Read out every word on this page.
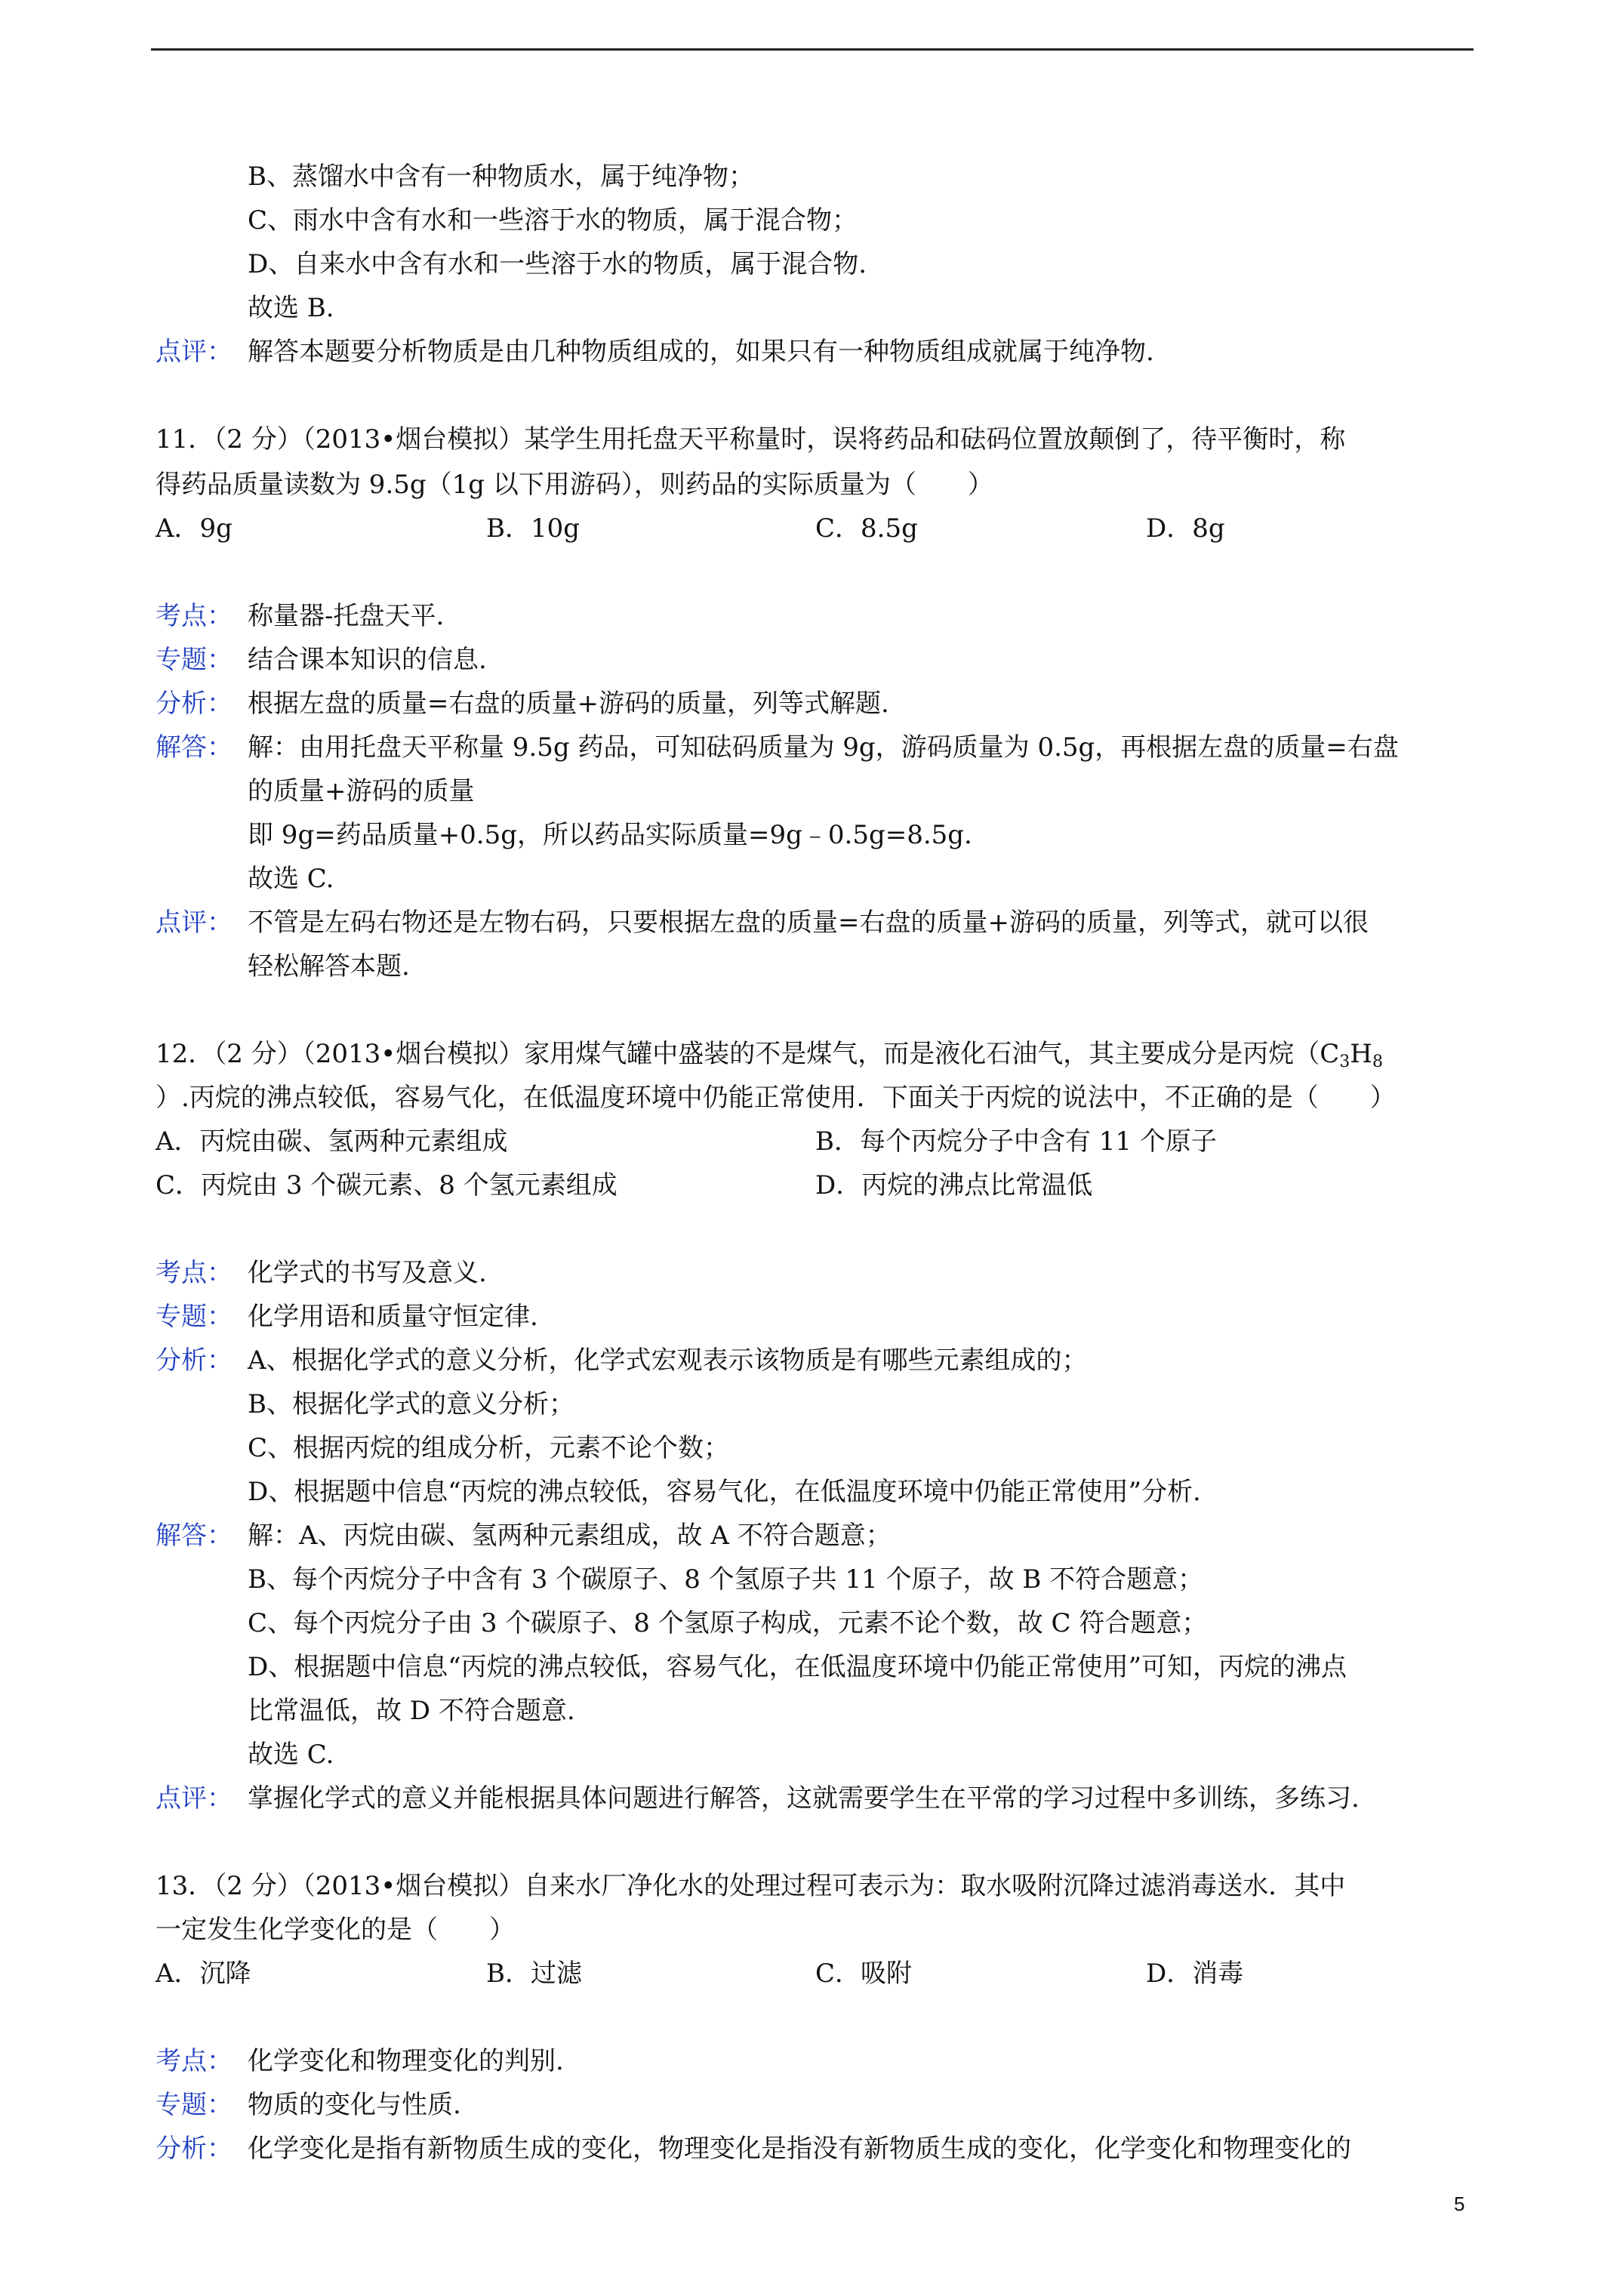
B、蒸馏水中含有一种物质水，属于纯净物；
C、雨水中含有水和一些溶于水的物质，属于混合物；
D、自来水中含有水和一些溶于水的物质，属于混合物.
故选 B.
点评： 解答本题要分析物质是由几种物质组成的，如果只有一种物质组成就属于纯净物.
11．（2 分）（2013•烟台模拟）某学生用托盘天平称量时，误将药品和砝码位置放颠倒了，待平衡时，称
得药品质量读数为 9.5g（1g 以下用游码），则药品的实际质量为（　　）
A．9g	B．10g	C．8.5g	D．8g
考点： 称量器-托盘天平.
专题： 结合课本知识的信息.
分析： 根据左盘的质量=右盘的质量+游码的质量，列等式解题.
解答： 解：由用托盘天平称量 9.5g 药品，可知砝码质量为 9g，游码质量为 0.5g，再根据左盘的质量=右盘
的质量+游码的质量
即 9g=药品质量+0.5g，所以药品实际质量=9g﹣0.5g=8.5g.
故选 C.
点评： 不管是左码右物还是左物右码，只要根据左盘的质量=右盘的质量+游码的质量，列等式，就可以很
轻松解答本题.
12．（2 分）（2013•烟台模拟）家用煤气罐中盛装的不是煤气，而是液化石油气，其主要成分是丙烷（$C_3H_8$
）.丙烷的沸点较低，容易气化，在低温度环境中仍能正常使用．下面关于丙烷的说法中，不正确的是（　　）
A．丙烷由碳、氢两种元素组成	B．每个丙烷分子中含有 11 个原子
C．丙烷由 3 个碳元素、8 个氢元素组成	D．丙烷的沸点比常温低
考点： 化学式的书写及意义.
专题： 化学用语和质量守恒定律.
分析： A、根据化学式的意义分析，化学式宏观表示该物质是有哪些元素组成的；
B、根据化学式的意义分析；
C、根据丙烷的组成分析，元素不论个数；
D、根据题中信息“丙烷的沸点较低，容易气化，在低温度环境中仍能正常使用”分析.
解答： 解：A、丙烷由碳、氢两种元素组成，故 A 不符合题意；
B、每个丙烷分子中含有 3 个碳原子、8 个氢原子共 11 个原子，故 B 不符合题意；
C、每个丙烷分子由 3 个碳原子、8 个氢原子构成，元素不论个数，故 C 符合题意；
D、根据题中信息“丙烷的沸点较低，容易气化，在低温度环境中仍能正常使用”可知，丙烷的沸点
比常温低，故 D 不符合题意.
故选 C.
点评： 掌握化学式的意义并能根据具体问题进行解答，这就需要学生在平常的学习过程中多训练，多练习.
13．（2 分）（2013•烟台模拟）自来水厂净化水的处理过程可表示为：取水吸附沉降过滤消毒送水．其中
一定发生化学变化的是（　　）
A．沉降	B．过滤	C．吸附	D．消毒
考点： 化学变化和物理变化的判别.
专题： 物质的变化与性质.
分析： 化学变化是指有新物质生成的变化，物理变化是指没有新物质生成的变化，化学变化和物理变化的
5
